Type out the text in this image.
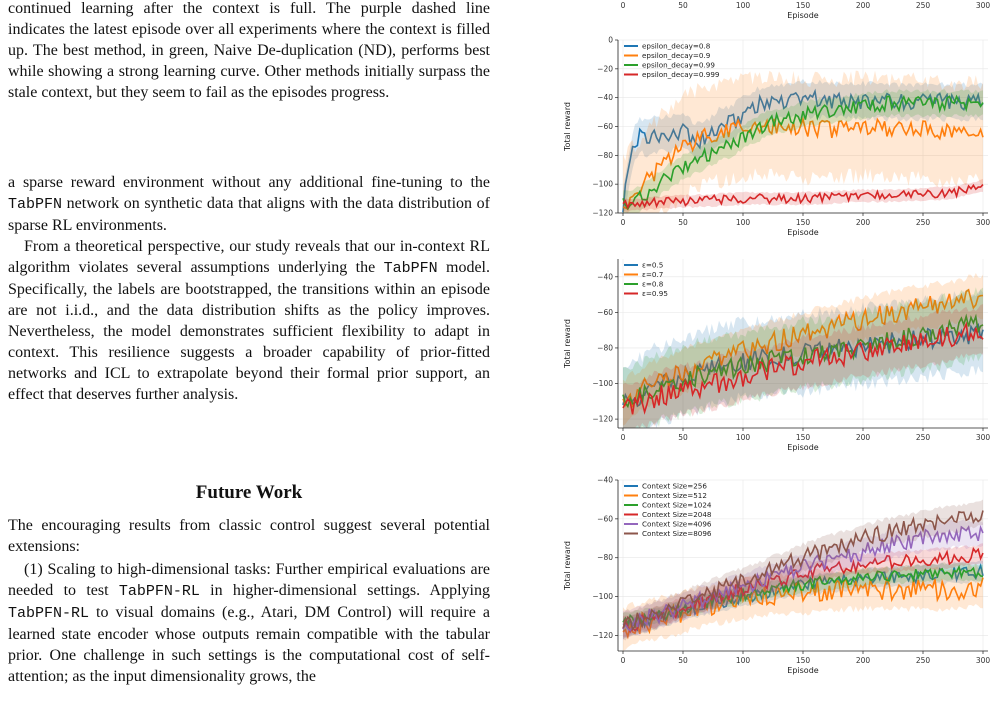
continued learning after the context is full. The purple dashed line indicates the latest episode over all experiments where the context is filled up. The best method, in green, Naive De-duplication (ND), performs best while showing a strong learning curve. Other methods initially surpass the stale context, but they seem to fail as the episodes progress.

a sparse reward environment without any additional fine-tuning to the TabPFN network on synthetic data that aligns with the data distribution of sparse RL environments.

From a theoretical perspective, our study reveals that our in-context RL algorithm violates several assumptions underlying the TabPFN model. Specifically, the labels are bootstrapped, the transitions within an episode are not i.i.d., and the data distribution shifts as the policy improves. Nevertheless, the model demonstrates sufficient flexibility to adapt in context. This resilience suggests a broader capability of prior-fitted networks and ICL to extrapolate beyond their formal prior support, an effect that deserves further analysis.

Future Work

The encouraging results from classic control suggest several potential extensions:

(1) Scaling to high-dimensional tasks: Further empirical evaluations are needed to test TabPFN-RL in higher-dimensional settings. Applying TabPFN-RL to visual domains (e.g., Atari, DM Control) will require a learned state encoder whose outputs remain compatible with the tabular prior. One challenge in such settings is the computational cost of self-attention; as the input dimensionality grows, the

0	50	100	150	200	250	300
Episode
0
−20
−40
−60
−80
−100
−120
0	50	100	150	200	250	300
Episode
Total reward
epsilon_decay=0.8
epsilon_decay=0.9
epsilon_decay=0.99
epsilon_decay=0.999
−40
−60
−80
−100
−120
0	50	100	150	200	250	300
Episode
Total reward
ε=0.5
ε=0.7
ε=0.8
ε=0.95
−40
−60
−80
−100
−120
0	50	100	150	200	250	300
Episode
Total reward
Context Size=256
Context Size=512
Context Size=1024
Context Size=2048
Context Size=4096
Context Size=8096
